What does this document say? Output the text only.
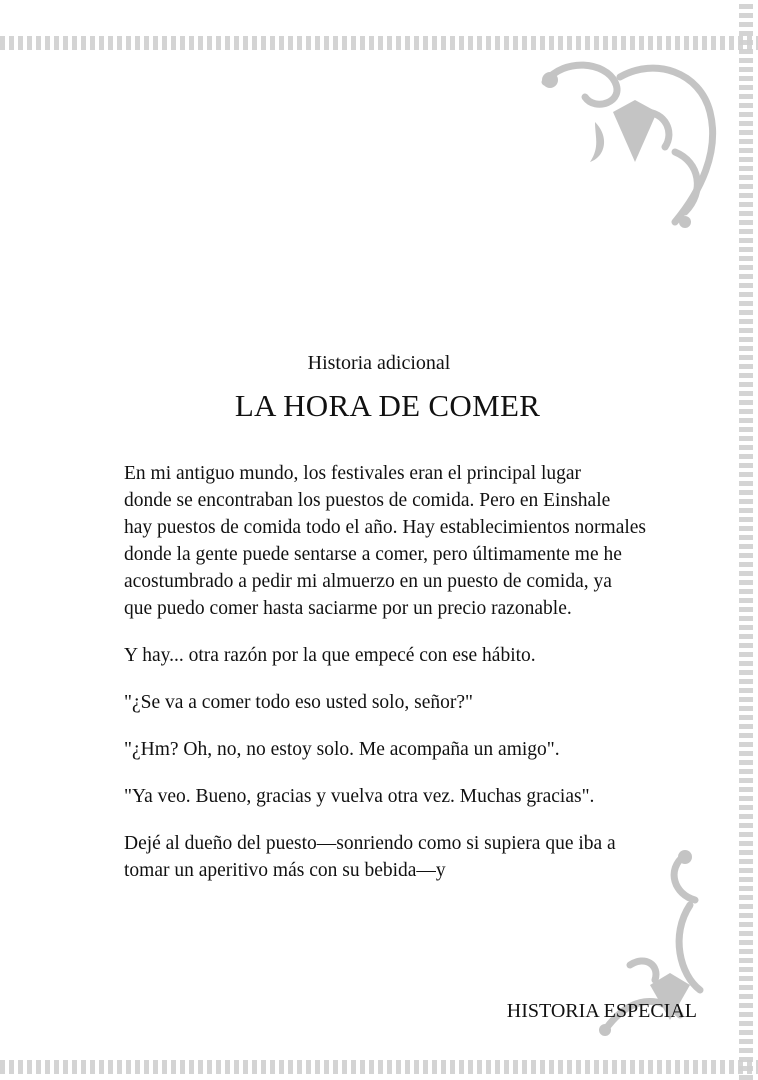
Historia adicional
LA HORA DE COMER

En mi antiguo mundo, los festivales eran el principal lugar
donde se encontraban los puestos de comida. Pero en Einshale
hay puestos de comida todo el año. Hay establecimientos normales
donde la gente puede sentarse a comer, pero últimamente me he
acostumbrado a pedir mi almuerzo en un puesto de comida, ya
que puedo comer hasta saciarme por un precio razonable.

Y hay... otra razón por la que empecé con ese hábito.

"¿Se va a comer todo eso usted solo, señor?"

"¿Hm? Oh, no, no estoy solo. Me acompaña un amigo".

"Ya veo. Bueno, gracias y vuelva otra vez. Muchas gracias".

Dejé al dueño del puesto—sonriendo como si supiera que iba a
tomar un aperitivo más con su bebida—y

HISTORIA ESPECIAL
